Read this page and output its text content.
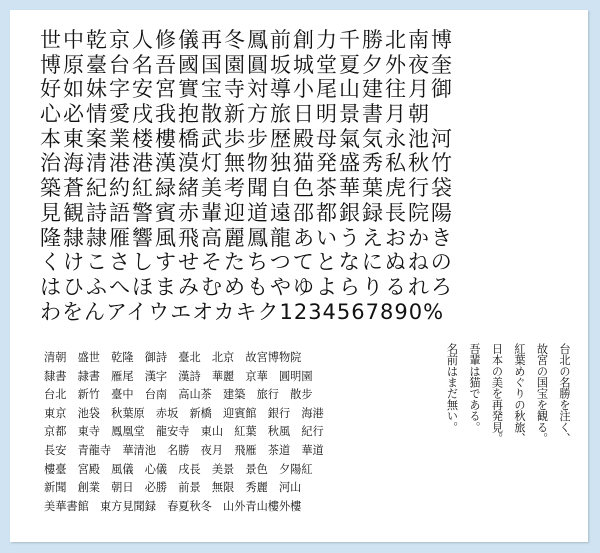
世中乾京人修儀再冬鳳前創力千勝北南博
博原臺台名吾國国園圓坂城堂夏夕外夜奎
好如妹字安宮實宝寺対導小尾山建往月御
心必情愛戌我抱散新方旅日明景書月朝
本東案業楼樓橋武歩步歴殿母氣気永池河
治海清港港漢漠灯無物独猫発盛秀私秋竹
築蒼紀約紅緑緒美考聞自色茶華葉虎行袋
見観詩語警賓赤輩迎道遠邵都銀録長院陽
隆隸隷雁響風飛高麗鳳龍あいうえおかき
くけこさしすせそたちつてとなにぬねの
はひふへほまみむめもやゆよらりるれろ
わをんアイウエオカキク1234567890%
清朝　盛世　乾隆　御詩　臺北　北京　故宮博物院
隸書　隷書　雁尾　漢字　漢詩　華麗　京華　圓明園
台北　新竹　臺中　台南　高山茶　建築　旅行　散步
東京　池袋　秋葉原　赤坂　新橋　迎賓館　銀行　海港
京都　東寺　鳳凰堂　龍安寺　東山　紅葉　秋風　紀行
長安　青龍寺　華清池　名勝　夜月　飛雁　茶道　華道
樓臺　宮殿　風儀　心儀　戌長　美景　景色　夕陽紅
新聞　創業　朝日　必勝　前景　無限　秀麗　河山
美華書館　東方見聞録　春夏秋冬　山外青山樓外樓
台北の名勝を注く、
故宮の国宝を観る。
紅葉めぐりの秋旅、
日本の美を再発見。
吾輩は猫である。
名前はまだ無い。
